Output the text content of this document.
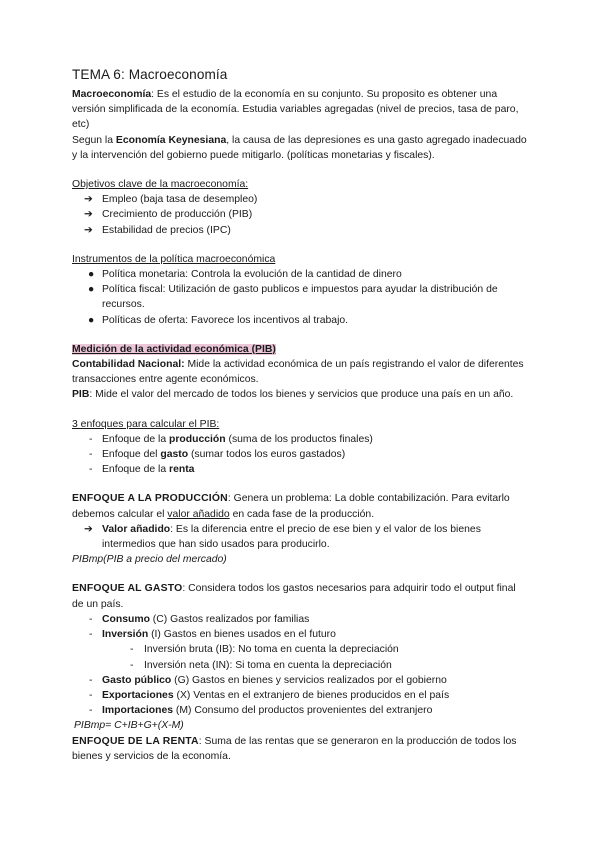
TEMA 6: Macroeconomía

Macroeconomía: Es el estudio de la economía en su conjunto. Su proposito es obtener una versión simplificada de la economía. Estudia variables agregadas (nivel de precios, tasa de paro, etc)

Segun la Economía Keynesiana, la causa de las depresiones es una gasto agregado inadecuado y la intervención del gobierno puede mitigarlo. (políticas monetarias y fiscales).

Objetivos clave de la macroeconomía:

➔ Empleo (baja tasa de desempleo)
➔ Crecimiento de producción (PIB)
➔ Estabilidad de precios (IPC)

Instrumentos de la política macroeconómica

● Política monetaria: Controla la evolución de la cantidad de dinero
● Política fiscal: Utilización de gasto publicos e impuestos para ayudar la distribución de recursos.
● Políticas de oferta: Favorece los incentivos al trabajo.

Medición de la actividad económica (PIB)

Contabilidad Nacional: Mide la actividad económica de un país registrando el valor de diferentes transacciones entre agente económicos.

PIB: Mide el valor del mercado de todos los bienes y servicios que produce una país en un año.

3 enfoques para calcular el PIB:

- Enfoque de la producción (suma de los productos finales)
- Enfoque del gasto (sumar todos los euros gastados)
- Enfoque de la renta

ENFOQUE A LA PRODUCCIÓN: Genera un problema: La doble contabilización. Para evitarlo debemos calcular el valor añadido en cada fase de la producción.

➔ Valor añadido: Es la diferencia entre el precio de ese bien y el valor de los bienes intermedios que han sido usados para producirlo.

PIBmp(PIB a precio del mercado)

ENFOQUE AL GASTO: Considera todos los gastos necesarios para adquirir todo el output final de un país.

- Consumo (C) Gastos realizados por familias
- Inversión (I) Gastos en bienes usados en el futuro
- Inversión bruta (IB): No toma en cuenta la depreciación
- Inversión neta (IN): Si toma en cuenta la depreciación
- Gasto público (G) Gastos en bienes y servicios realizados por el gobierno
- Exportaciones (X) Ventas en el extranjero de bienes producidos en el país
- Importaciones (M) Consumo del productos provenientes del extranjero

PIBmp= C+IB+G+(X-M)

ENFOQUE DE LA RENTA: Suma de las rentas que se generaron en la producción de todos los bienes y servicios de la economía.
